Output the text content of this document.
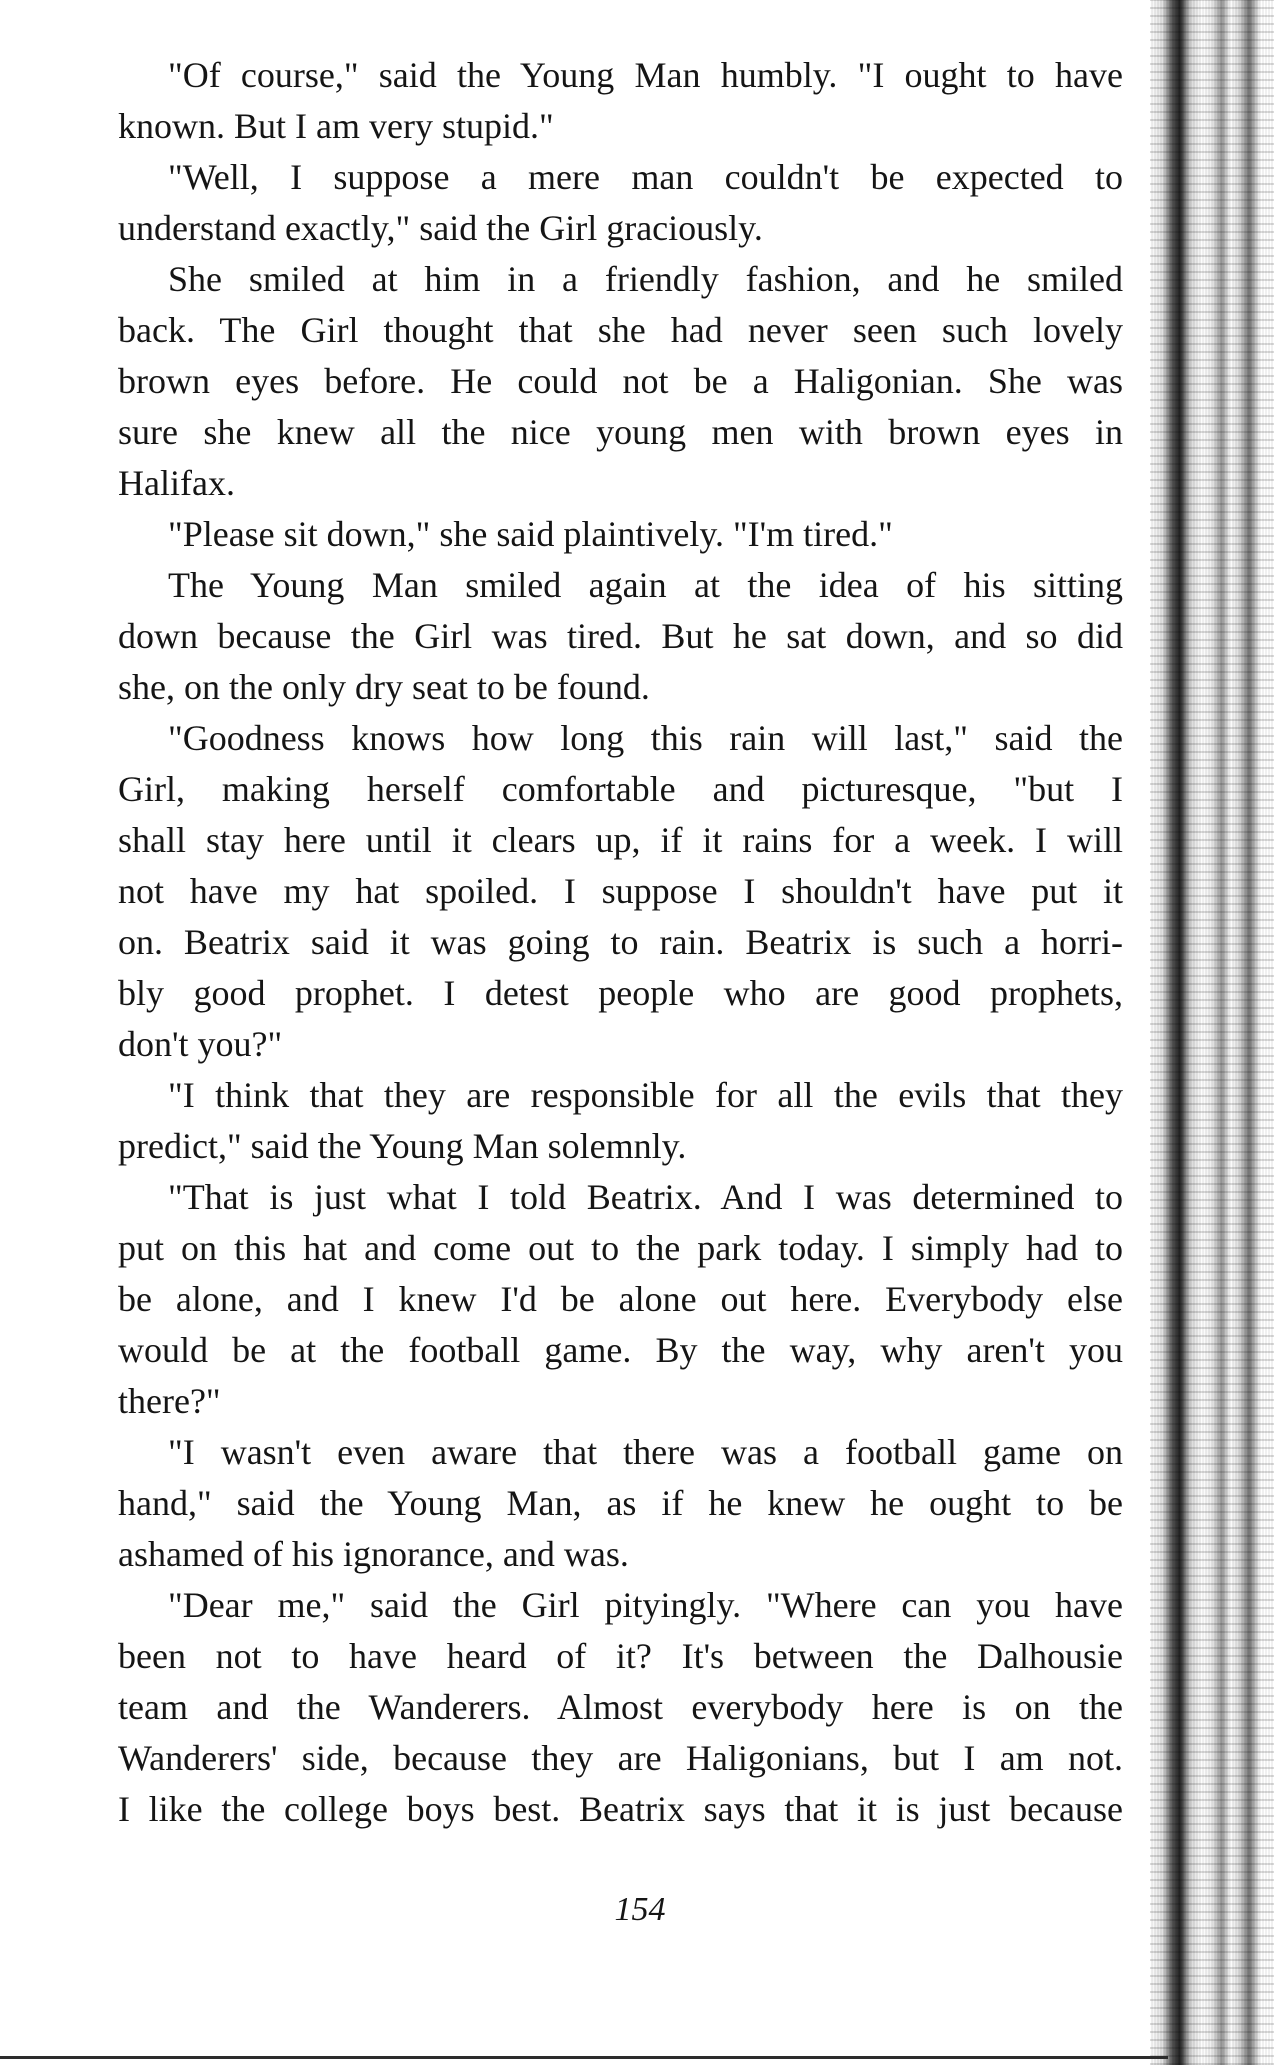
"Of course," said the Young Man humbly. "I ought to have
known. But I am very stupid."
"Well, I suppose a mere man couldn't be expected to
understand exactly," said the Girl graciously.
She smiled at him in a friendly fashion, and he smiled
back. The Girl thought that she had never seen such lovely
brown eyes before. He could not be a Haligonian. She was
sure she knew all the nice young men with brown eyes in
Halifax.
"Please sit down," she said plaintively. "I'm tired."
The Young Man smiled again at the idea of his sitting
down because the Girl was tired. But he sat down, and so did
she, on the only dry seat to be found.
"Goodness knows how long this rain will last," said the
Girl, making herself comfortable and picturesque, "but I
shall stay here until it clears up, if it rains for a week. I will
not have my hat spoiled. I suppose I shouldn't have put it
on. Beatrix said it was going to rain. Beatrix is such a horri-
bly good prophet. I detest people who are good prophets,
don't you?"
"I think that they are responsible for all the evils that they
predict," said the Young Man solemnly.
"That is just what I told Beatrix. And I was determined to
put on this hat and come out to the park today. I simply had to
be alone, and I knew I'd be alone out here. Everybody else
would be at the football game. By the way, why aren't you
there?"
"I wasn't even aware that there was a football game on
hand," said the Young Man, as if he knew he ought to be
ashamed of his ignorance, and was.
"Dear me," said the Girl pityingly. "Where can you have
been not to have heard of it? It's between the Dalhousie
team and the Wanderers. Almost everybody here is on the
Wanderers' side, because they are Haligonians, but I am not.
I like the college boys best. Beatrix says that it is just because
154
